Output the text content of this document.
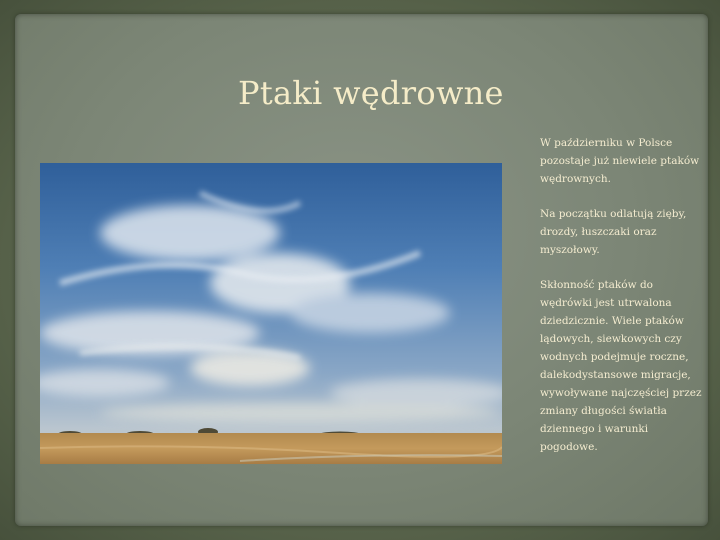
Ptaki wędrowne

W październiku w Polsce pozostaje już niewiele ptaków wędrownych.

Na początku odlatują zięby, drozdy, łuszczaki oraz myszołowy.

Skłonność ptaków do wędrówki jest utrwalona dziedzicznie. Wiele ptaków lądowych, siewkowych czy wodnych podejmuje roczne, dalekodystansowe migracje, wywoływane najczęściej przez zmiany długości światła dziennego i warunki pogodowe.
